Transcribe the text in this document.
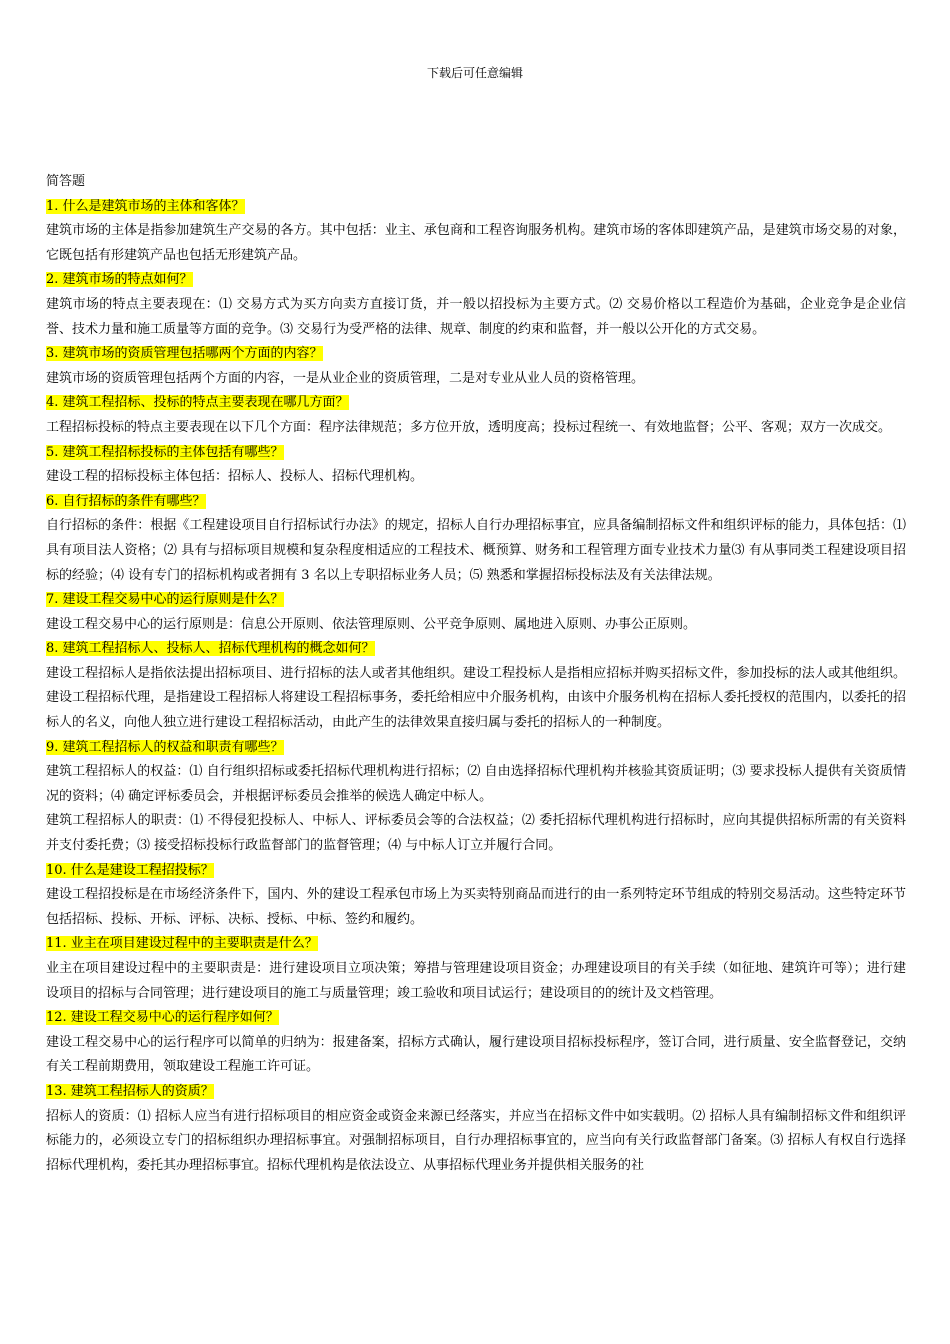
下载后可任意编辑

简答题

1. 什么是建筑市场的主体和客体？

建筑市场的主体是指参加建筑生产交易的各方。其中包括：业主、承包商和工程咨询服务机构。建筑市场的客体即建筑产品，是建筑市场交易的对象，它既包括有形建筑产品也包括无形建筑产品。

2. 建筑市场的特点如何？

建筑市场的特点主要表现在：⑴ 交易方式为买方向卖方直接订货，并一般以招投标为主要方式。⑵ 交易价格以工程造价为基础，企业竞争是企业信誉、技术力量和施工质量等方面的竞争。⑶ 交易行为受严格的法律、规章、制度的约束和监督，并一般以公开化的方式交易。

3. 建筑市场的资质管理包括哪两个方面的内容？

建筑市场的资质管理包括两个方面的内容，一是从业企业的资质管理，二是对专业从业人员的资格管理。

4. 建筑工程招标、投标的特点主要表现在哪几方面？

工程招标投标的特点主要表现在以下几个方面：程序法律规范；多方位开放，透明度高；投标过程统一、有效地监督；公平、客观；双方一次成交。

5. 建筑工程招标投标的主体包括有哪些？

建设工程的招标投标主体包括：招标人、投标人、招标代理机构。

6. 自行招标的条件有哪些？

自行招标的条件：根据《工程建设项目自行招标试行办法》的规定，招标人自行办理招标事宜，应具备编制招标文件和组织评标的能力，具体包括：⑴ 具有项目法人资格；⑵ 具有与招标项目规模和复杂程度相适应的工程技术、概预算、财务和工程管理方面专业技术力量⑶ 有从事同类工程建设项目招标的经验；⑷ 设有专门的招标机构或者拥有 3 名以上专职招标业务人员；⑸ 熟悉和掌握招标投标法及有关法律法规。

7. 建设工程交易中心的运行原则是什么？

建设工程交易中心的运行原则是：信息公开原则、依法管理原则、公平竞争原则、属地进入原则、办事公正原则。

8. 建筑工程招标人、投标人、招标代理机构的概念如何？

建设工程招标人是指依法提出招标项目、进行招标的法人或者其他组织。建设工程投标人是指相应招标并购买招标文件，参加投标的法人或其他组织。建设工程招标代理，是指建设工程招标人将建设工程招标事务，委托给相应中介服务机构，由该中介服务机构在招标人委托授权的范围内，以委托的招标人的名义，向他人独立进行建设工程招标活动，由此产生的法律效果直接归属与委托的招标人的一种制度。

9. 建筑工程招标人的权益和职责有哪些？

建筑工程招标人的权益：⑴ 自行组织招标或委托招标代理机构进行招标；⑵ 自由选择招标代理机构并核验其资质证明；⑶ 要求投标人提供有关资质情况的资料；⑷ 确定评标委员会，并根据评标委员会推举的候选人确定中标人。

建筑工程招标人的职责：⑴ 不得侵犯投标人、中标人、评标委员会等的合法权益；⑵ 委托招标代理机构进行招标时，应向其提供招标所需的有关资料并支付委托费；⑶ 接受招标投标行政监督部门的监督管理；⑷ 与中标人订立并履行合同。

10. 什么是建设工程招投标？

建设工程招投标是在市场经济条件下，国内、外的建设工程承包市场上为买卖特别商品而进行的由一系列特定环节组成的特别交易活动。这些特定环节包括招标、投标、开标、评标、决标、授标、中标、签约和履约。

11. 业主在项目建设过程中的主要职责是什么？

业主在项目建设过程中的主要职责是：进行建设项目立项决策；筹措与管理建设项目资金；办理建设项目的有关手续（如征地、建筑许可等）；进行建设项目的招标与合同管理；进行建设项目的施工与质量管理；竣工验收和项目试运行；建设项目的的统计及文档管理。

12. 建设工程交易中心的运行程序如何？

建设工程交易中心的运行程序可以简单的归纳为：报建备案，招标方式确认，履行建设项目招标投标程序，签订合同，进行质量、安全监督登记，交纳有关工程前期费用，领取建设工程施工许可证。

13. 建筑工程招标人的资质？

招标人的资质：⑴ 招标人应当有进行招标项目的相应资金或资金来源已经落实，并应当在招标文件中如实载明。⑵ 招标人具有编制招标文件和组织评标能力的，必须设立专门的招标组织办理招标事宜。对强制招标项目，自行办理招标事宜的，应当向有关行政监督部门备案。⑶ 招标人有权自行选择招标代理机构，委托其办理招标事宜。招标代理机构是依法设立、从事招标代理业务并提供相关服务的社
